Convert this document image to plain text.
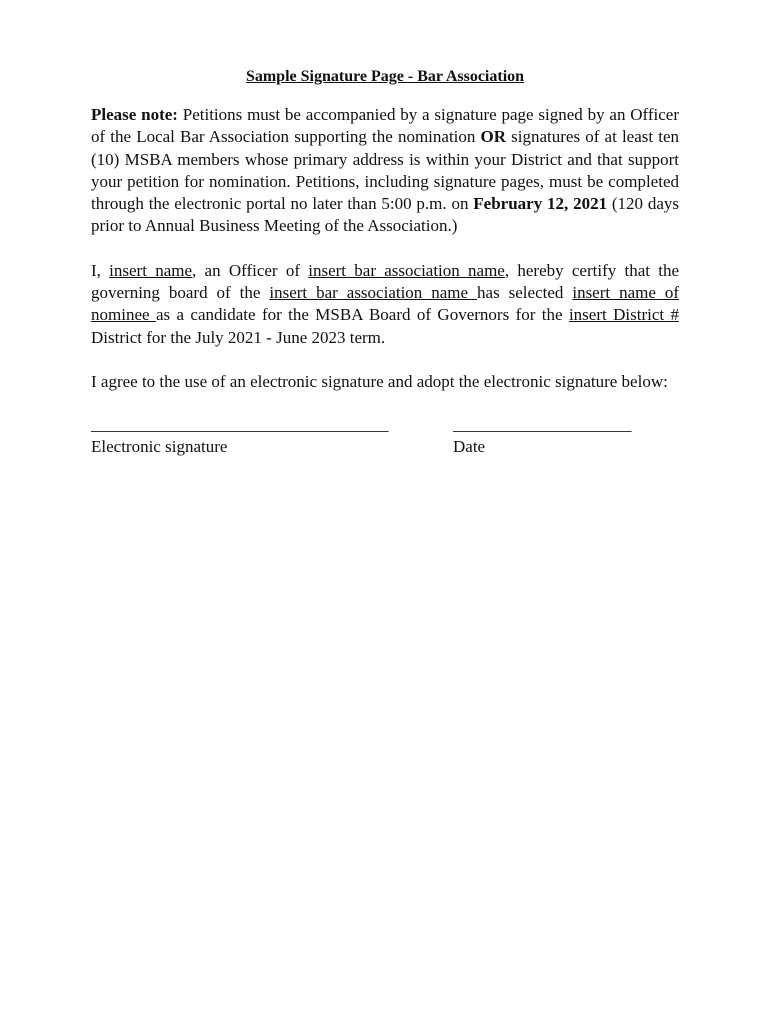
Sample Signature Page - Bar Association

Please note: Petitions must be accompanied by a signature page signed by an Officer of the Local Bar Association supporting the nomination OR signatures of at least ten (10) MSBA members whose primary address is within your District and that support your petition for nomination. Petitions, including signature pages, must be completed through the electronic portal no later than 5:00 p.m. on February 12, 2021 (120 days prior to Annual Business Meeting of the Association.)

I, insert name, an Officer of insert bar association name, hereby certify that the governing board of the insert bar association name has selected insert name of nominee as a candidate for the MSBA Board of Governors for the insert District # District for the July 2021 - June 2023 term.

I agree to the use of an electronic signature and adopt the electronic signature below:

___________________________________	_____________________
Electronic signature	Date
